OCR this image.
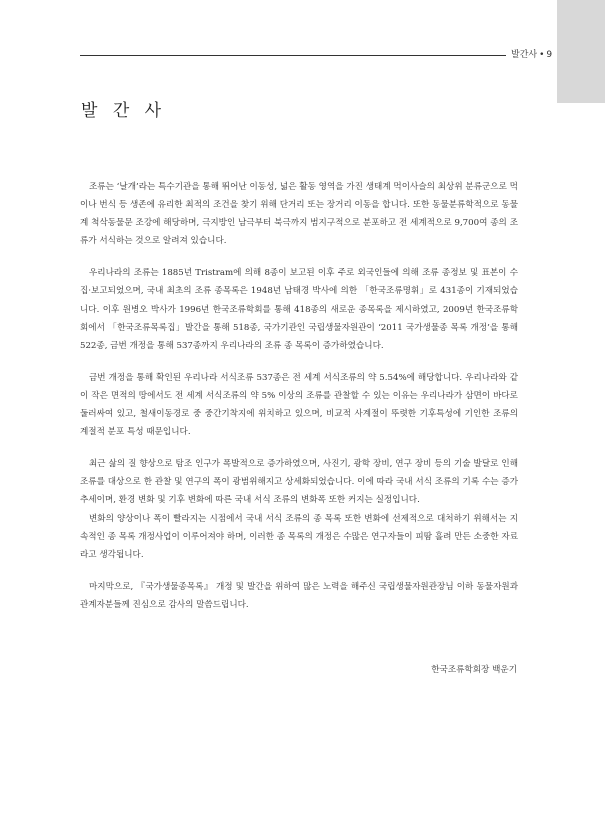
발간사 • 9
발 간 사

조류는 ‘날개’라는 특수기관을 통해 뛰어난 이동성, 넓은 활동 영역을 가진 생태계 먹이사슬의 최상위 분류군으로 먹이나 번식 등 생존에 유리한 최적의 조건을 찾기 위해 단거리 또는 장거리 이동을 합니다. 또한 동물분류학적으로 동물계 척삭동물문 조강에 해당하며, 극지방인 남극부터 북극까지 범지구적으로 분포하고 전 세계적으로 9,700여 종의 조류가 서식하는 것으로 알려져 있습니다.

우리나라의 조류는 1885년 Tristram에 의해 8종이 보고된 이후 주로 외국인들에 의해 조류 종정보 및 표본이 수집·보고되었으며, 국내 최초의 조류 종목록은 1948년 남태경 박사에 의한 「한국조류명휘」로 431종이 기재되었습니다. 이후 원병오 박사가 1996년 한국조류학회를 통해 418종의 새로운 종목록을 제시하였고, 2009년 한국조류학회에서 「한국조류목록집」발간을 통해 518종, 국가기관인 국립생물자원관이 ‘2011 국가생물종 목록 개정’을 통해 522종, 금번 개정을 통해 537종까지 우리나라의 조류 종 목록이 증가하였습니다.

금번 개정을 통해 확인된 우리나라 서식조류 537종은 전 세계 서식조류의 약 5.54%에 해당합니다. 우리나라와 같이 작은 면적의 땅에서도 전 세계 서식조류의 약 5% 이상의 조류를 관찰할 수 있는 이유는 우리나라가 삼면이 바다로 둘러싸여 있고, 철새이동경로 중 중간기착지에 위치하고 있으며, 비교적 사계절이 뚜렷한 기후특성에 기인한 조류의 계절적 분포 특성 때문입니다.

최근 삶의 질 향상으로 탐조 인구가 폭발적으로 증가하였으며, 사진기, 광학 장비, 연구 장비 등의 기술 발달로 인해 조류를 대상으로 한 관찰 및 연구의 폭이 광범위해지고 상세화되었습니다. 이에 따라 국내 서식 조류의 기록 수는 증가 추세이며, 환경 변화 및 기후 변화에 따른 국내 서식 조류의 변화폭 또한 커지는 실정입니다.

변화의 양상이나 폭이 빨라지는 시점에서 국내 서식 조류의 종 목록 또한 변화에 선제적으로 대처하기 위해서는 지속적인 종 목록 개정사업이 이루어져야 하며, 이러한 종 목록의 개정은 수많은 연구자들이 피땀 흘려 만든 소중한 자료라고 생각됩니다.

마지막으로, 『국가생물종목록』 개정 및 발간을 위하여 많은 노력을 해주신 국립생물자원관장님 이하 동물자원과 관계자분들께 진심으로 감사의 말씀드립니다.

한국조류학회장 백운기
